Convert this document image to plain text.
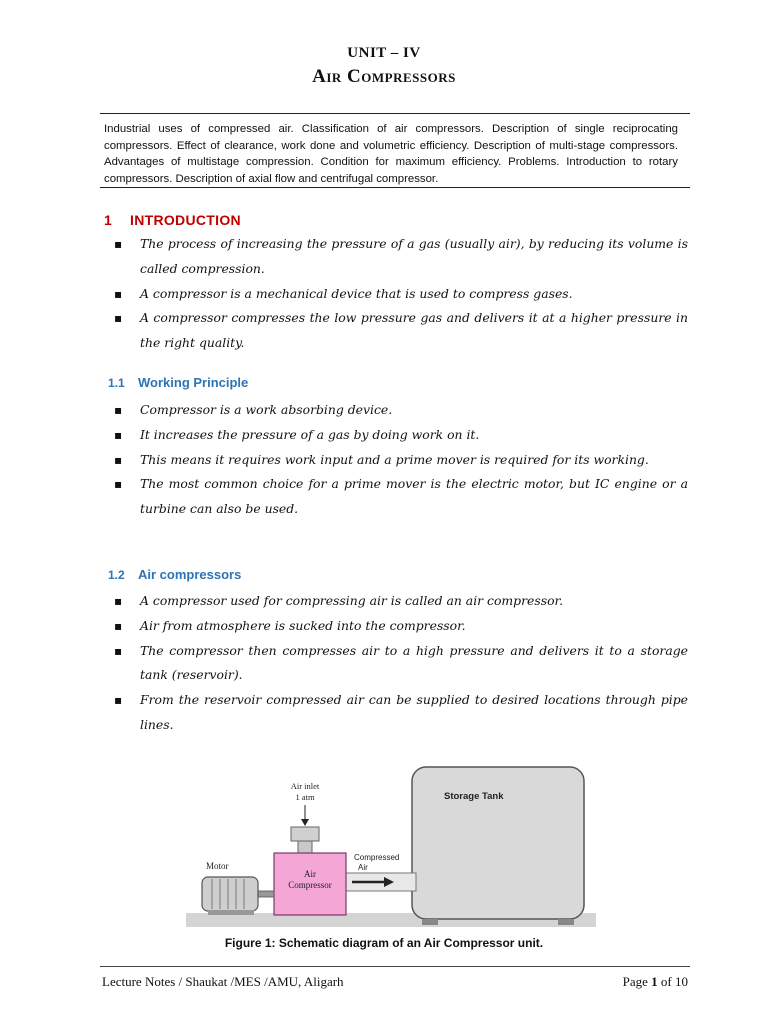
UNIT – IV
Air Compressors
Industrial uses of compressed air. Classification of air compressors. Description of single reciprocating compressors. Effect of clearance, work done and volumetric efficiency. Description of multi-stage compressors. Advantages of multistage compression. Condition for maximum efficiency. Problems. Introduction to rotary compressors. Description of axial flow and centrifugal compressor.
1 INTRODUCTION
▪ The process of increasing the pressure of a gas (usually air), by reducing its volume is called compression.
▪ A compressor is a mechanical device that is used to compress gases.
▪ A compressor compresses the low pressure gas and delivers it at a higher pressure in the right quality.
1.1 Working Principle
▪ Compressor is a work absorbing device.
▪ It increases the pressure of a gas by doing work on it.
▪ This means it requires work input and a prime mover is required for its working.
▪ The most common choice for a prime mover is the electric motor, but IC engine or a turbine can also be used.
1.2 Air compressors
▪ A compressor used for compressing air is called an air compressor.
▪ Air from atmosphere is sucked into the compressor.
▪ The compressor then compresses air to a high pressure and delivers it to a storage tank (reservoir).
▪ From the reservoir compressed air can be supplied to desired locations through pipe lines.
Storage Tank
Compressed
Air
Air inlet
1 atm
Air
Compressor
Motor
Figure 1: Schematic diagram of an Air Compressor unit.
Lecture Notes / Shaukat /MES /AMU, Aligarh	Page 1 of 10
